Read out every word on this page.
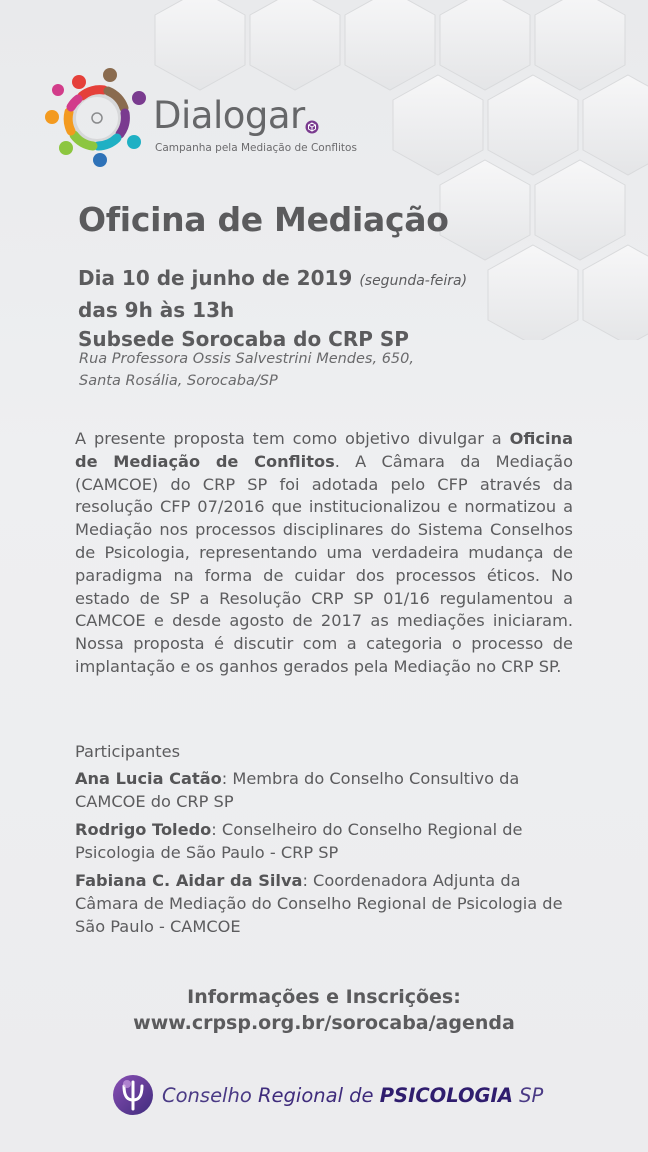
Dialogar
Campanha pela Mediação de Conflitos
Oficina de Mediação
Dia 10 de junho de 2019 (segunda-feira)
das 9h às 13h
Subsede Sorocaba do CRP SP
Rua Professora Ossis Salvestrini Mendes, 650,
Santa Rosália, Sorocaba/SP
A presente proposta tem como objetivo divulgar a Oficina de Mediação de Conflitos. A Câmara da Mediação (CAMCOE) do CRP SP foi adotada pelo CFP através da resolução CFP 07/2016 que institucionalizou e normatizou a Mediação nos processos disciplinares do Sistema Conselhos de Psicologia, representando uma verdadeira mudança de paradigma na forma de cuidar dos processos éticos. No estado de SP a Resolução CRP SP 01/16 regulamentou a CAMCOE e desde agosto de 2017 as mediações iniciaram. Nossa proposta é discutir com a categoria o processo de implantação e os ganhos gerados pela Mediação no CRP SP.
Participantes
Ana Lucia Catão: Membra do Conselho Consultivo da CAMCOE do CRP SP
Rodrigo Toledo: Conselheiro do Conselho Regional de Psicologia de São Paulo - CRP SP
Fabiana C. Aidar da Silva: Coordenadora Adjunta da Câmara de Mediação do Conselho Regional de Psicologia de São Paulo - CAMCOE
Informações e Inscrições:
www.crpsp.org.br/sorocaba/agenda
Conselho Regional de PSICOLOGIA SP
